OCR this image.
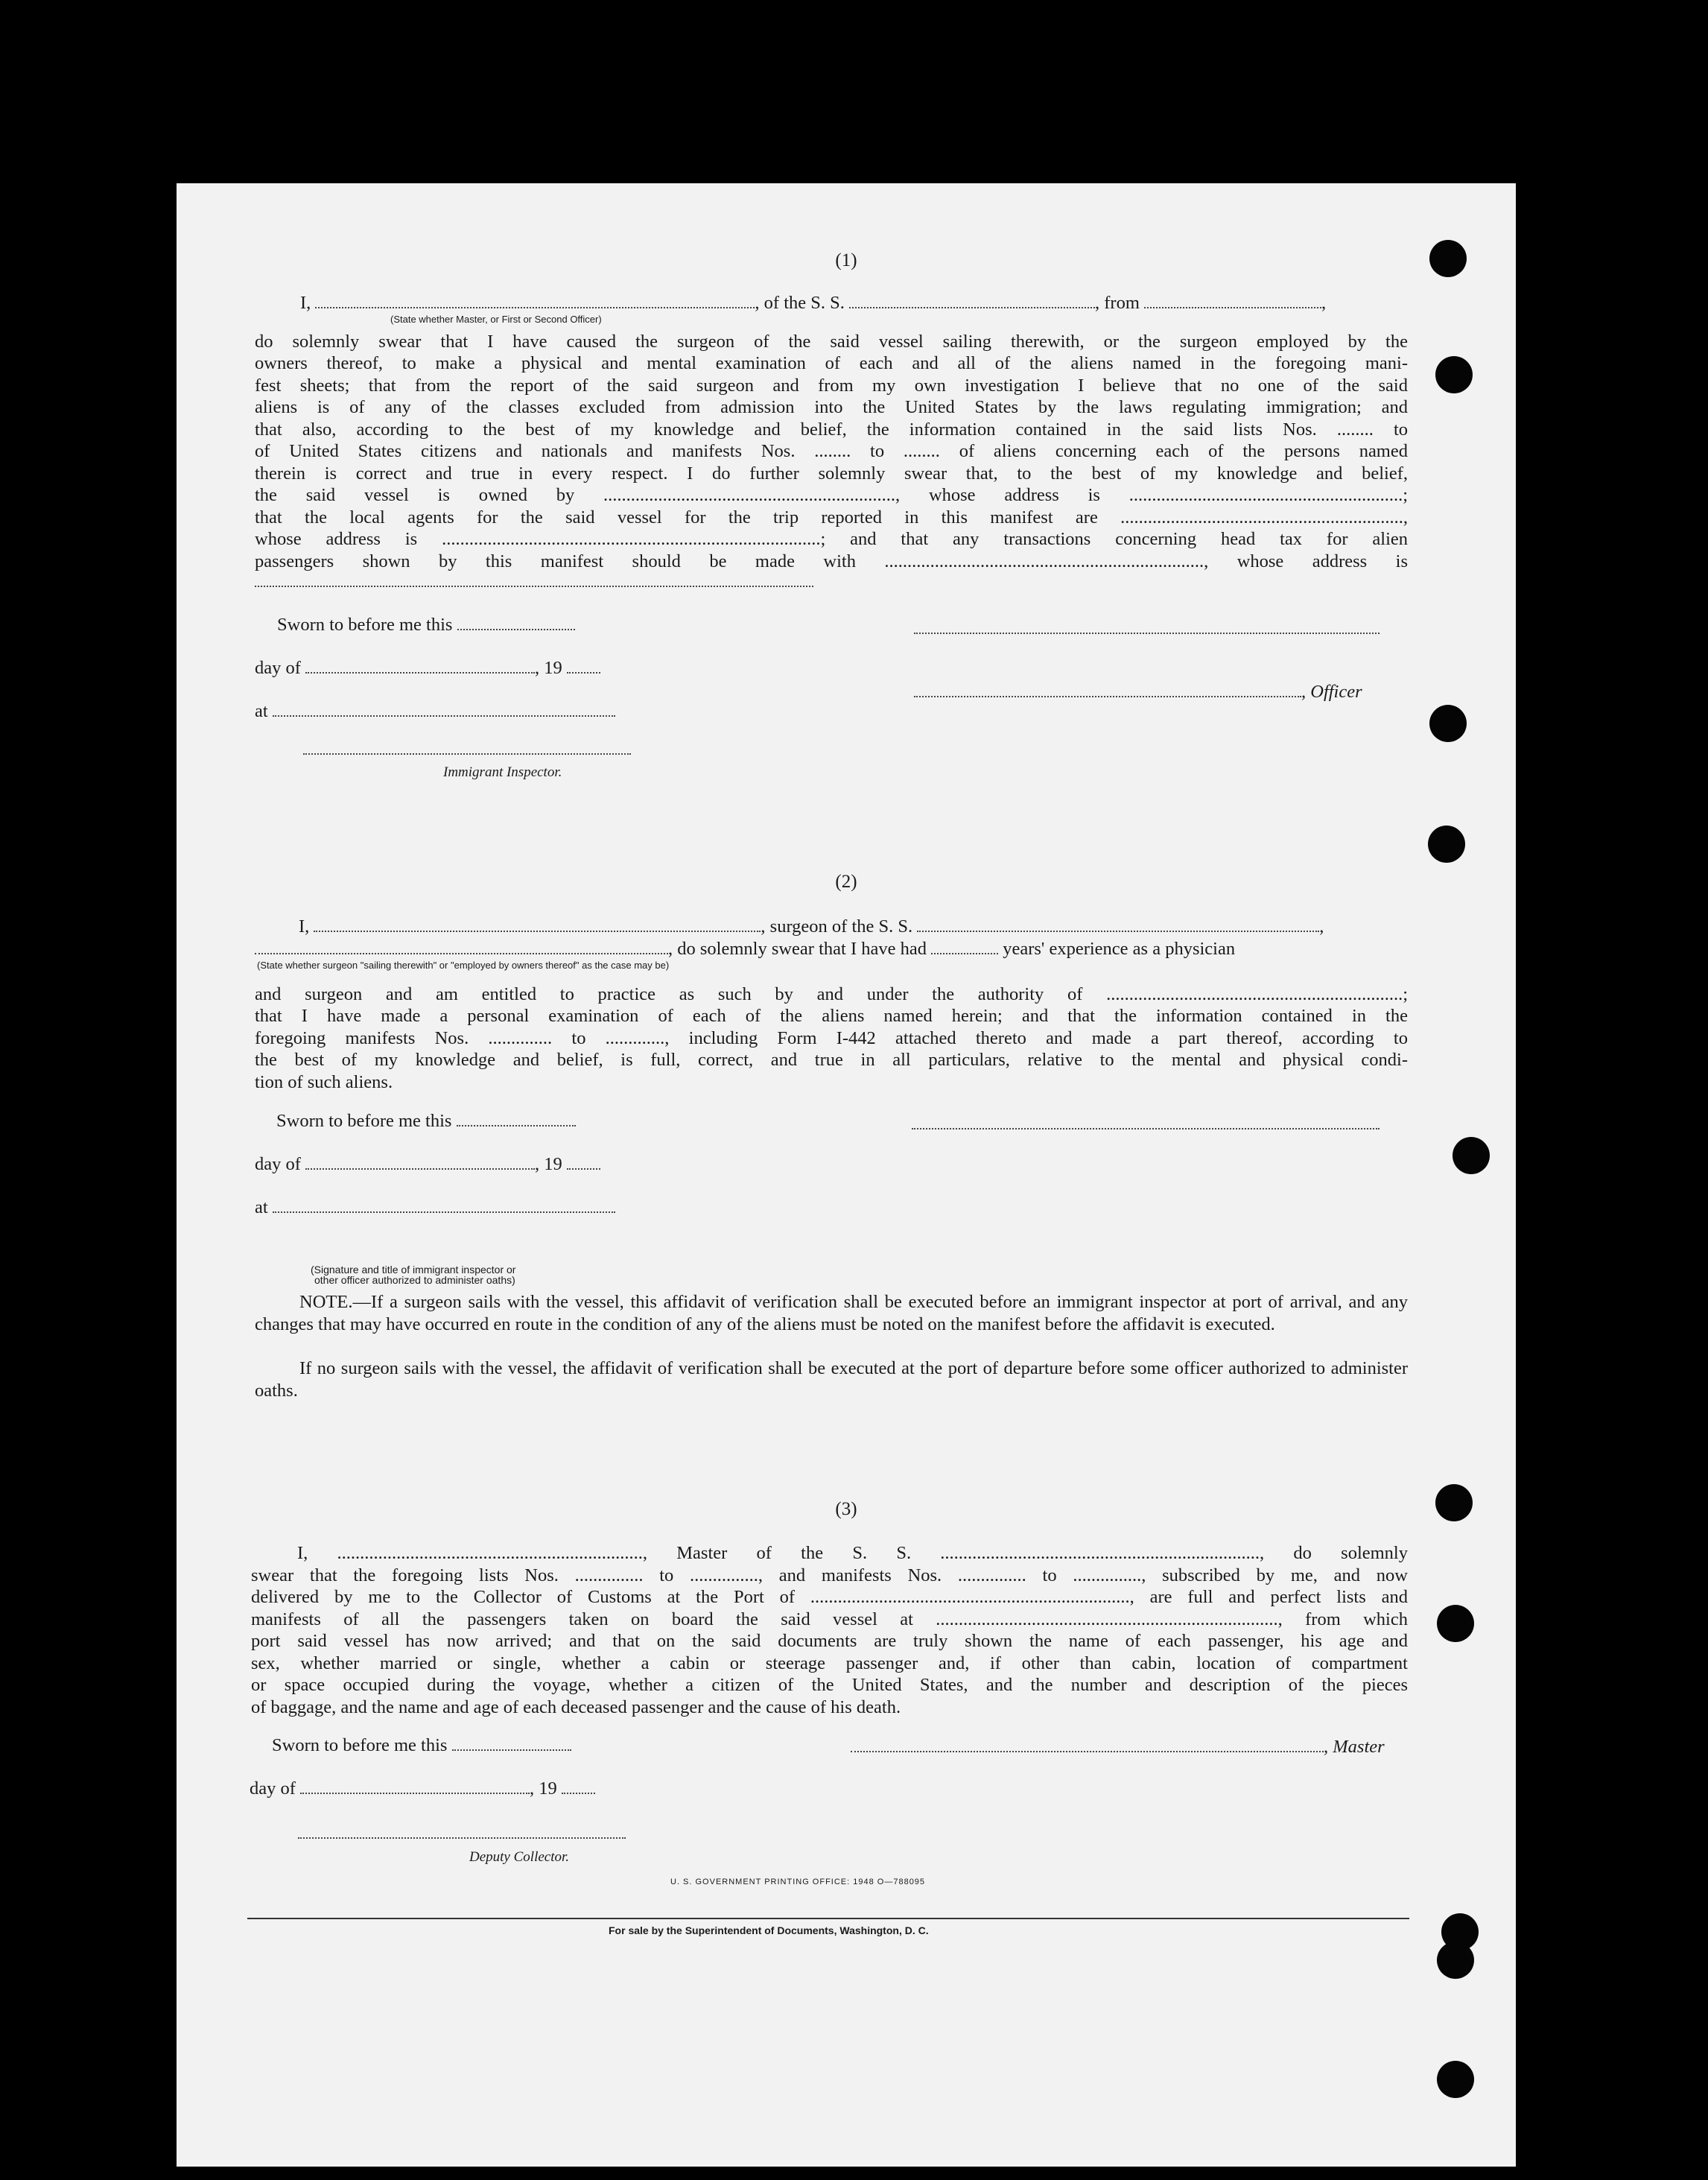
(1)
I,	, of the S. S.	, from	,
(State whether Master, or First or Second Officer)
do solemnly swear that I have caused the surgeon of the said vessel sailing therewith, or the surgeon employed by the
owners thereof, to make a physical and mental examination of each and all of the aliens named in the foregoing mani-
fest sheets; that from the report of the said surgeon and from my own investigation I believe that no one of the said
aliens is of any of the classes excluded from admission into the United States by the laws regulating immigration; and
that also, according to the best of my knowledge and belief, the information contained in the said lists Nos. ........ to
of United States citizens and nationals and manifests Nos. ........ to ........ of aliens concerning each of the persons named
therein is correct and true in every respect. I do further solemnly swear that, to the best of my knowledge and belief,
the said vessel is owned by ................................................................, whose address is ............................................................;
that the local agents for the said vessel for the trip reported in this manifest are ..............................................................,
whose address is ...................................................................................; and that any transactions concerning head tax for alien
passengers shown by this manifest should be made with ......................................................................, whose address is
Sworn to before me this
day of	, 19
, Officer
at
Immigrant Inspector.
(2)
I,	, surgeon of the S. S.	,
, do solemnly swear that I have had	years' experience as a physician
(State whether surgeon "sailing therewith" or "employed by owners thereof" as the case may be)
and surgeon and am entitled to practice as such by and under the authority of .................................................................;
that I have made a personal examination of each of the aliens named herein; and that the information contained in the
foregoing manifests Nos. .............. to ............., including Form I-442 attached thereto and made a part thereof, according to
the best of my knowledge and belief, is full, correct, and true in all particulars, relative to the mental and physical condi-
tion of such aliens.
Sworn to before me this
day of	, 19
at
(Signature and title of immigrant inspector or
other officer authorized to administer oaths)
NOTE.—If a surgeon sails with the vessel, this affidavit of verification shall be executed before an immigrant inspector at port of arrival, and any changes that may have occurred en route in the condition of any of the aliens must be noted on the manifest before the affidavit is executed.
If no surgeon sails with the vessel, the affidavit of verification shall be executed at the port of departure before some officer authorized to administer oaths.
(3)
I, ..................................................................., Master of the S. S. ......................................................................, do solemnly
swear that the foregoing lists Nos. ............... to ..............., and manifests Nos. ............... to ..............., subscribed by me, and now
delivered by me to the Collector of Customs at the Port of ......................................................................, are full and perfect lists and
manifests of all the passengers taken on board the said vessel at ..........................................................................., from which
port said vessel has now arrived; and that on the said documents are truly shown the name of each passenger, his age and
sex, whether married or single, whether a cabin or steerage passenger and, if other than cabin, location of compartment
or space occupied during the voyage, whether a citizen of the United States, and the number and description of the pieces
of baggage, and the name and age of each deceased passenger and the cause of his death.
Sworn to before me this	, Master
day of	, 19
Deputy Collector.
U. S. GOVERNMENT PRINTING OFFICE: 1948 O—788095
For sale by the Superintendent of Documents, Washington, D. C.
